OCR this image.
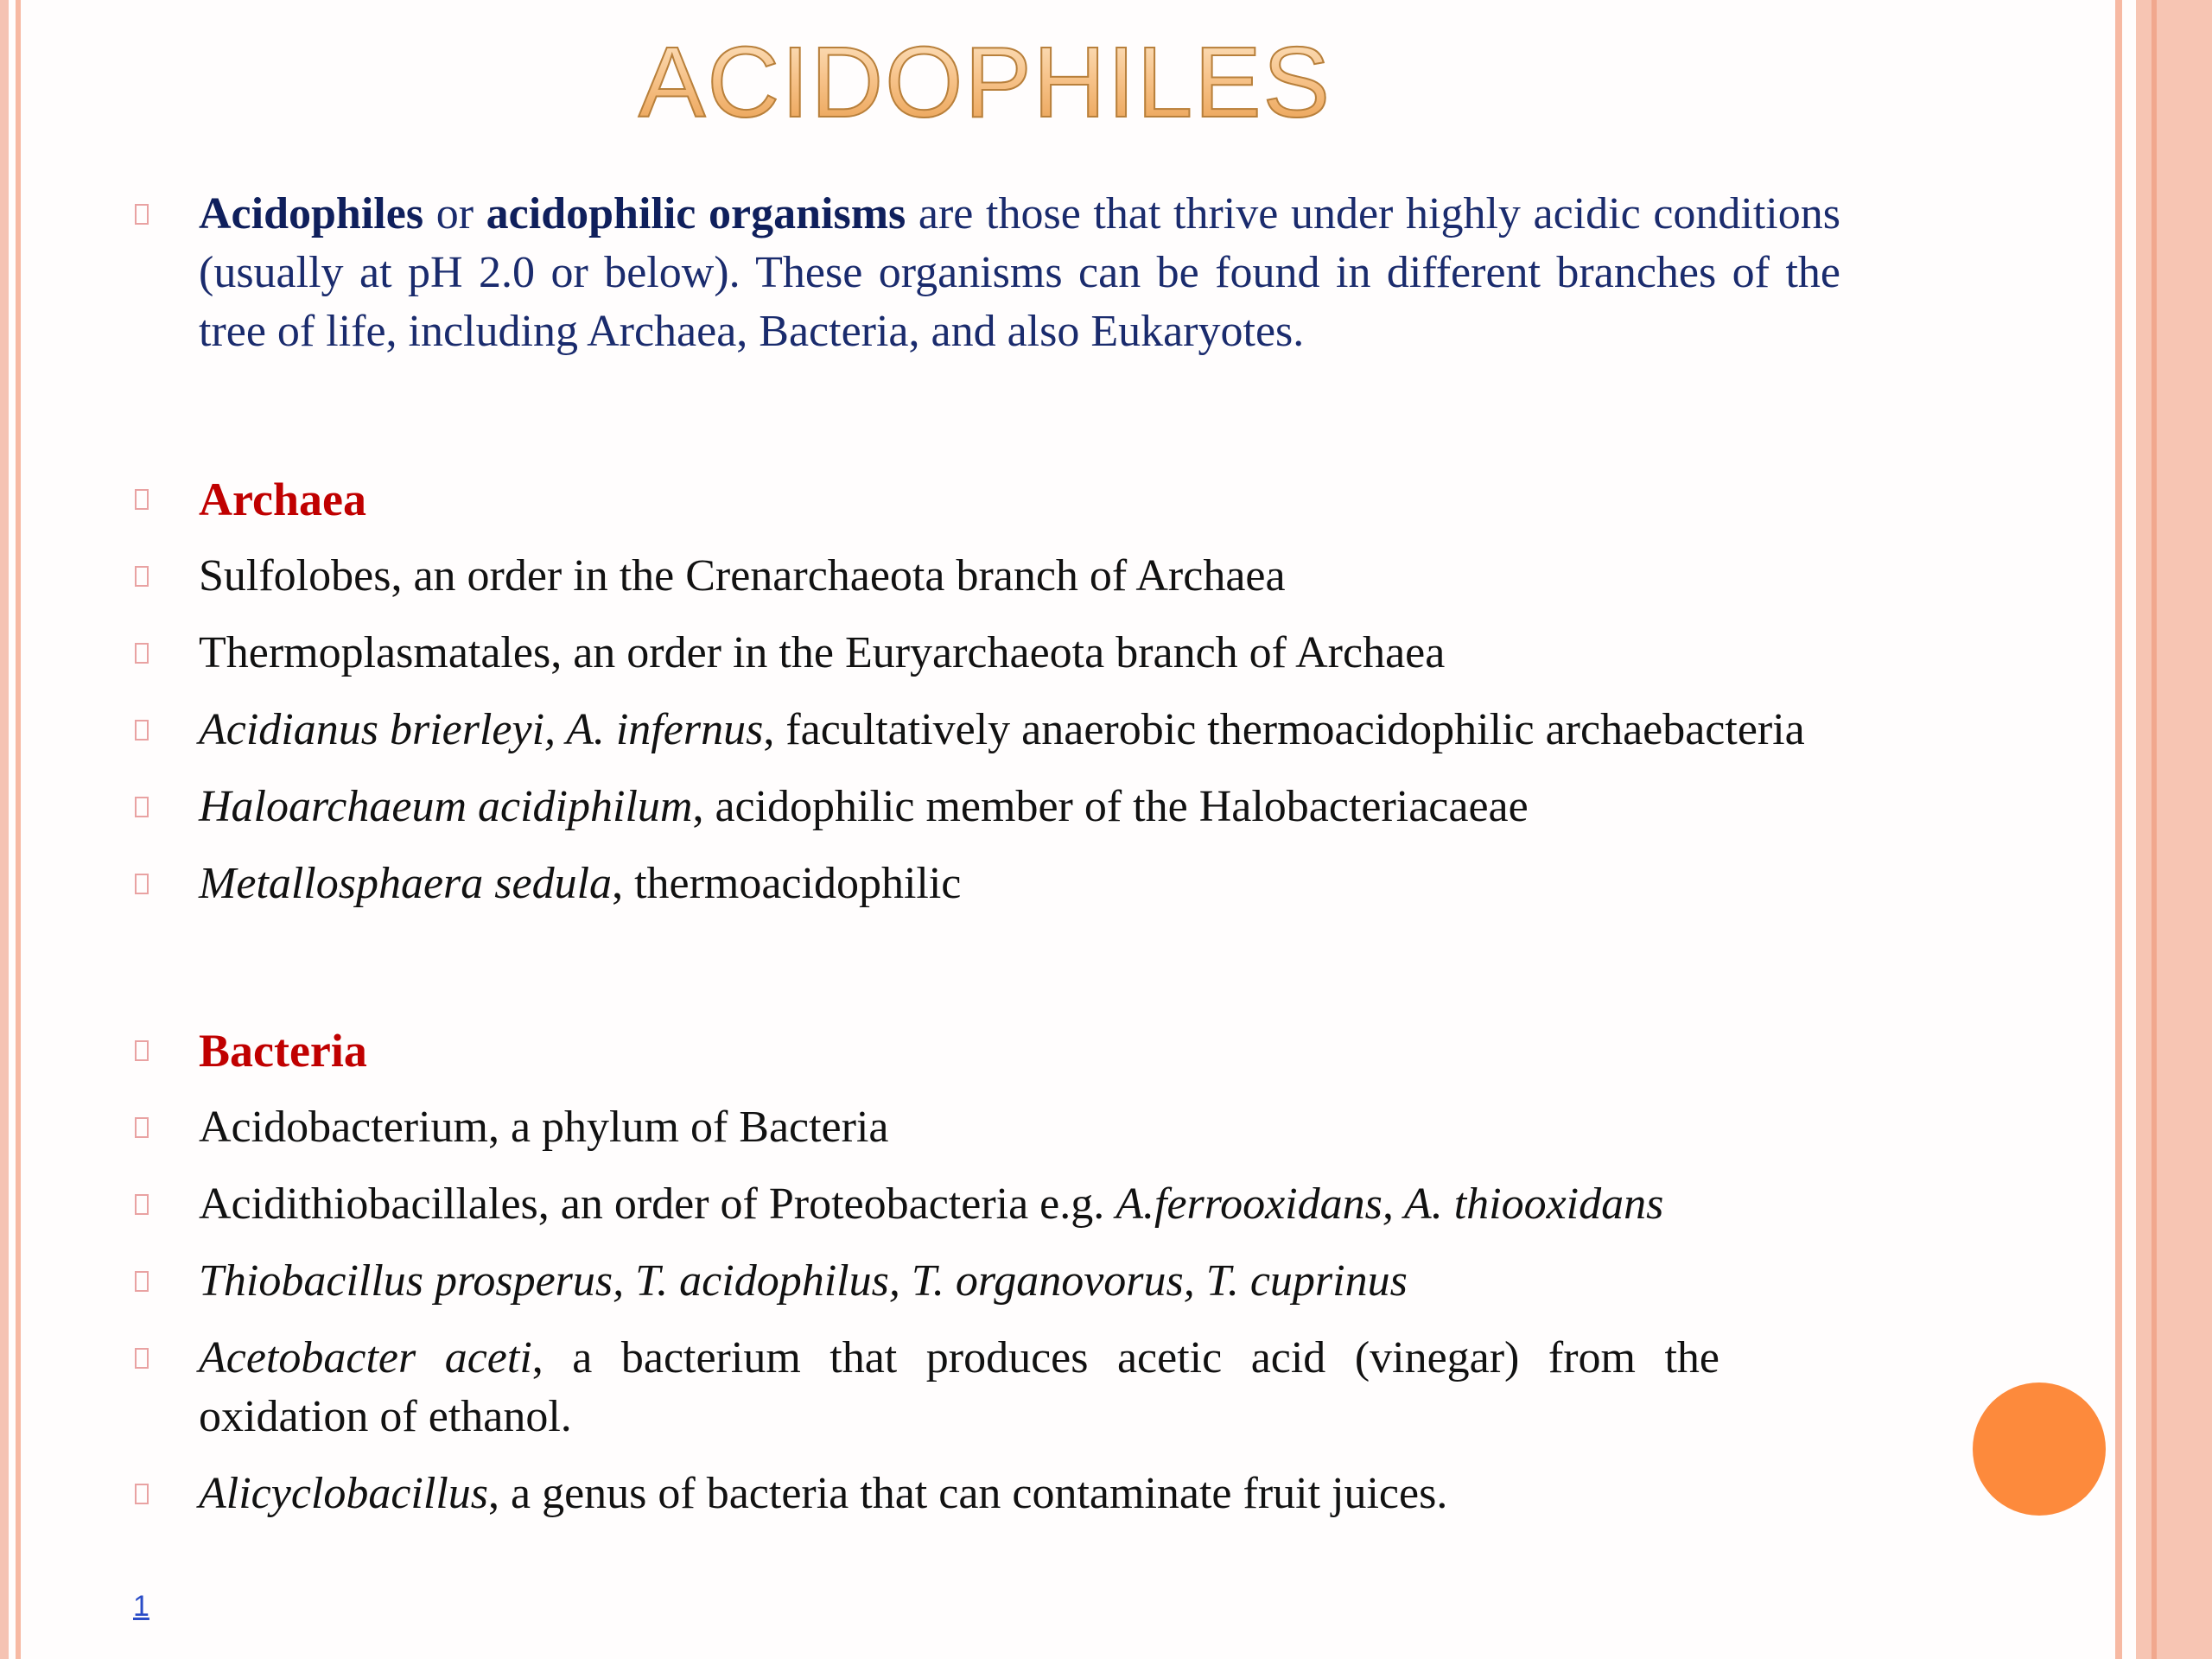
ACIDOPHILES
Acidophiles or acidophilic organisms are those that thrive under highly acidic conditions (usually at pH 2.0 or below). These organisms can be found in different branches of the tree of life, including Archaea, Bacteria, and also Eukaryotes.
Archaea
Sulfolobes, an order in the Crenarchaeota branch of Archaea
Thermoplasmatales, an order in the Euryarchaeota branch of Archaea
Acidianus brierleyi, A. infernus, facultatively anaerobic thermoacidophilic archaebacteria
Haloarchaeum acidiphilum, acidophilic member of the Halobacteriacaeae
Metallosphaera sedula, thermoacidophilic
Bacteria
Acidobacterium, a phylum of Bacteria
Acidithiobacillales, an order of Proteobacteria e.g. A.ferrooxidans, A. thiooxidans
Thiobacillus prosperus, T. acidophilus, T. organovorus, T. cuprinus
Acetobacter aceti, a bacterium that produces acetic acid (vinegar) from the oxidation of ethanol.
Alicyclobacillus, a genus of bacteria that can contaminate fruit juices.
1
